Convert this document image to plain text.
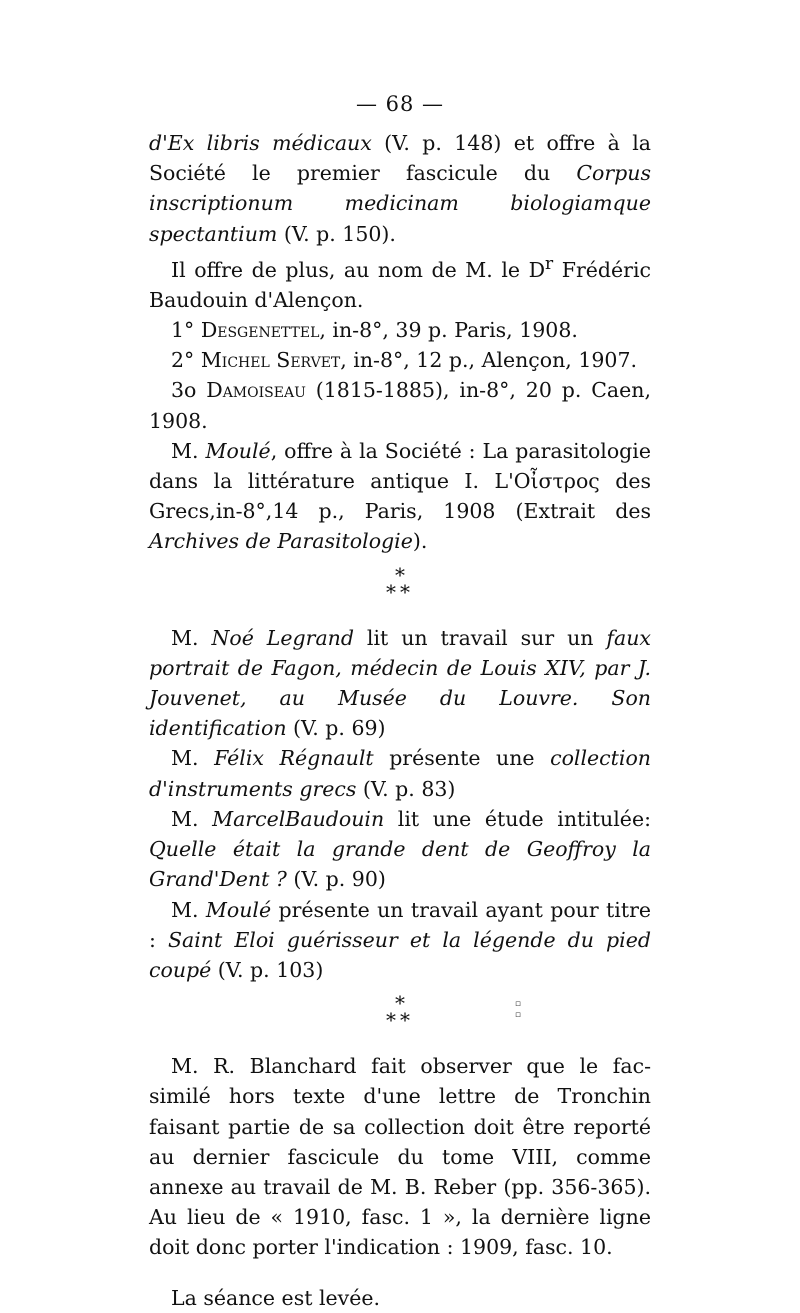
— 68 —

d'Ex libris médicaux (V. p. 148) et offre à la Société le premier fascicule du Corpus inscriptionum medicinam biologiamque spectantium (V. p. 150).

Il offre de plus, au nom de M. le $D^r$ Frédéric Baudouin d'Alençon.

1° Desgenettel, in-8°, 39 p. Paris, 1908.

2° Michel Servet, in-8°, 12 p., Alençon, 1907.

3o Damoiseau (1815-1885), in-8°, 20 p. Caen, 1908.

M. Moulé, offre à la Société : La parasitologie dans la littérature antique I. L'Οἶστρος des Grecs,in-8°,14 p., Paris, 1908 (Extrait des Archives de Parasitologie).

*
**

M. Noé Legrand lit un travail sur un faux portrait de Fagon, médecin de Louis XIV, par J. Jouvenet, au Musée du Louvre. Son identification (V. p. 69)

M. Félix Régnault présente une collection d'instruments grecs (V. p. 83)

M. MarcelBaudouin lit une étude intitulée: Quelle était la grande dent de Geoffroy la Grand'Dent ? (V. p. 90)

M. Moulé présente un travail ayant pour titre : Saint Eloi guérisseur et la légende du pied coupé (V. p. 103)

*
**
▫
▫

M. R. Blanchard fait observer que le fac-similé hors texte d'une lettre de Tronchin faisant partie de sa collection doit être reporté au dernier fascicule du tome VIII, comme annexe au travail de M. B. Reber (pp. 356-365). Au lieu de « 1910, fasc. 1 », la dernière ligne doit donc porter l'indication : 1909, fasc. 10.

La séance est levée.
